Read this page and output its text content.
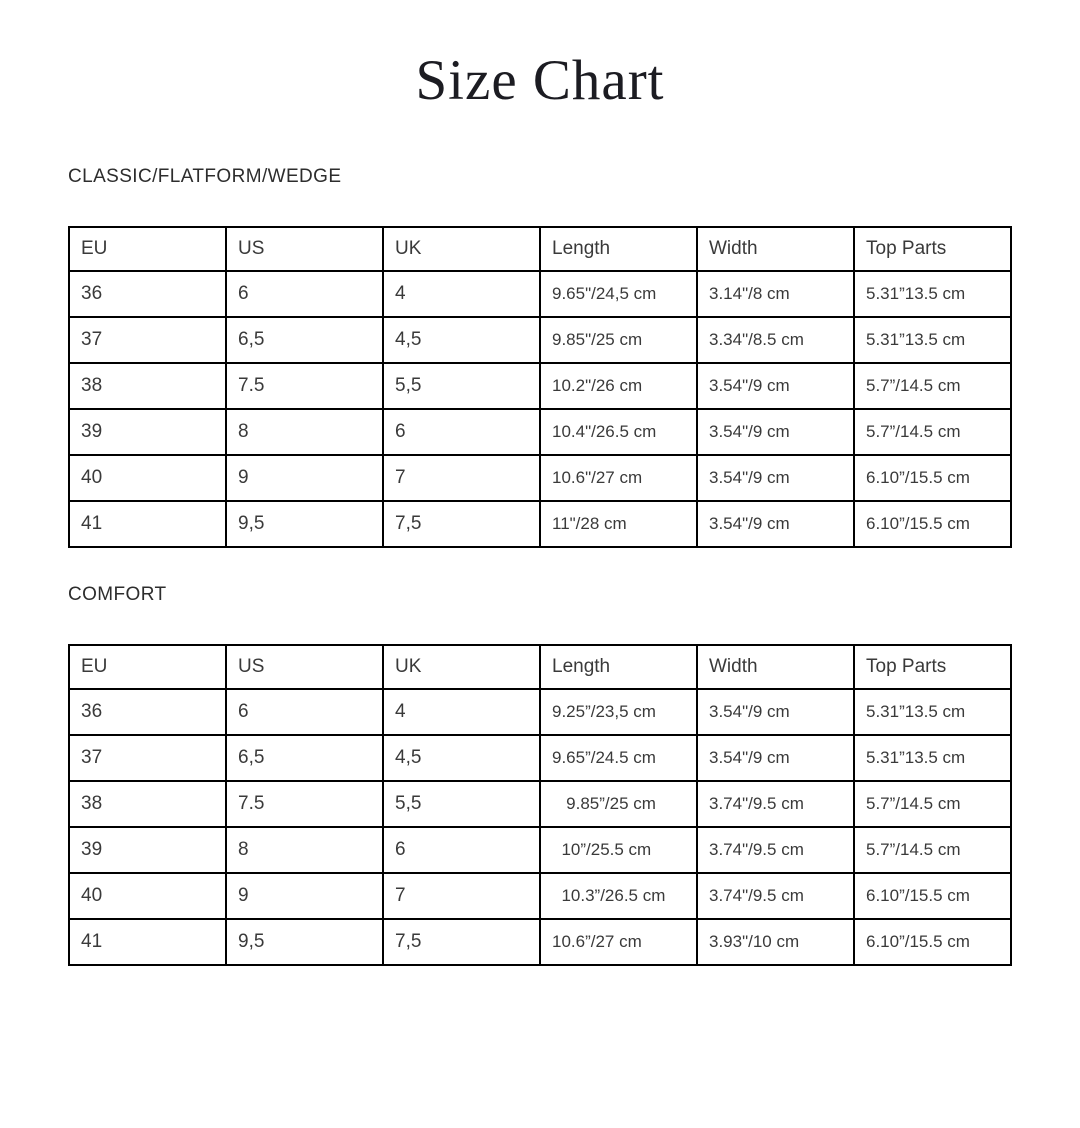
Size Chart
CLASSIC/FLATFORM/WEDGE
EU	US	UK	Length	Width	Top Parts
36	6	4	9.65"/24,5 cm	3.14"/8 cm	5.31”13.5 cm
37	6,5	4,5	9.85"/25 cm	3.34"/8.5 cm	5.31”13.5 cm
38	7.5	5,5	10.2"/26 cm	3.54"/9 cm	5.7”/14.5 cm
39	8	6	10.4"/26.5 cm	3.54"/9 cm	5.7”/14.5 cm
40	9	7	10.6"/27 cm	3.54"/9 cm	6.10”/15.5 cm
41	9,5	7,5	11"/28 cm	3.54"/9 cm	6.10”/15.5 cm
COMFORT
EU	US	UK	Length	Width	Top Parts
36	6	4	9.25”/23,5 cm	3.54"/9 cm	5.31”13.5 cm
37	6,5	4,5	9.65”/24.5 cm	3.54"/9 cm	5.31”13.5 cm
38	7.5	5,5	9.85”/25 cm	3.74"/9.5 cm	5.7”/14.5 cm
39	8	6	10”/25.5 cm	3.74"/9.5 cm	5.7”/14.5 cm
40	9	7	10.3”/26.5 cm	3.74"/9.5 cm	6.10”/15.5 cm
41	9,5	7,5	10.6”/27 cm	3.93"/10 cm	6.10”/15.5 cm
